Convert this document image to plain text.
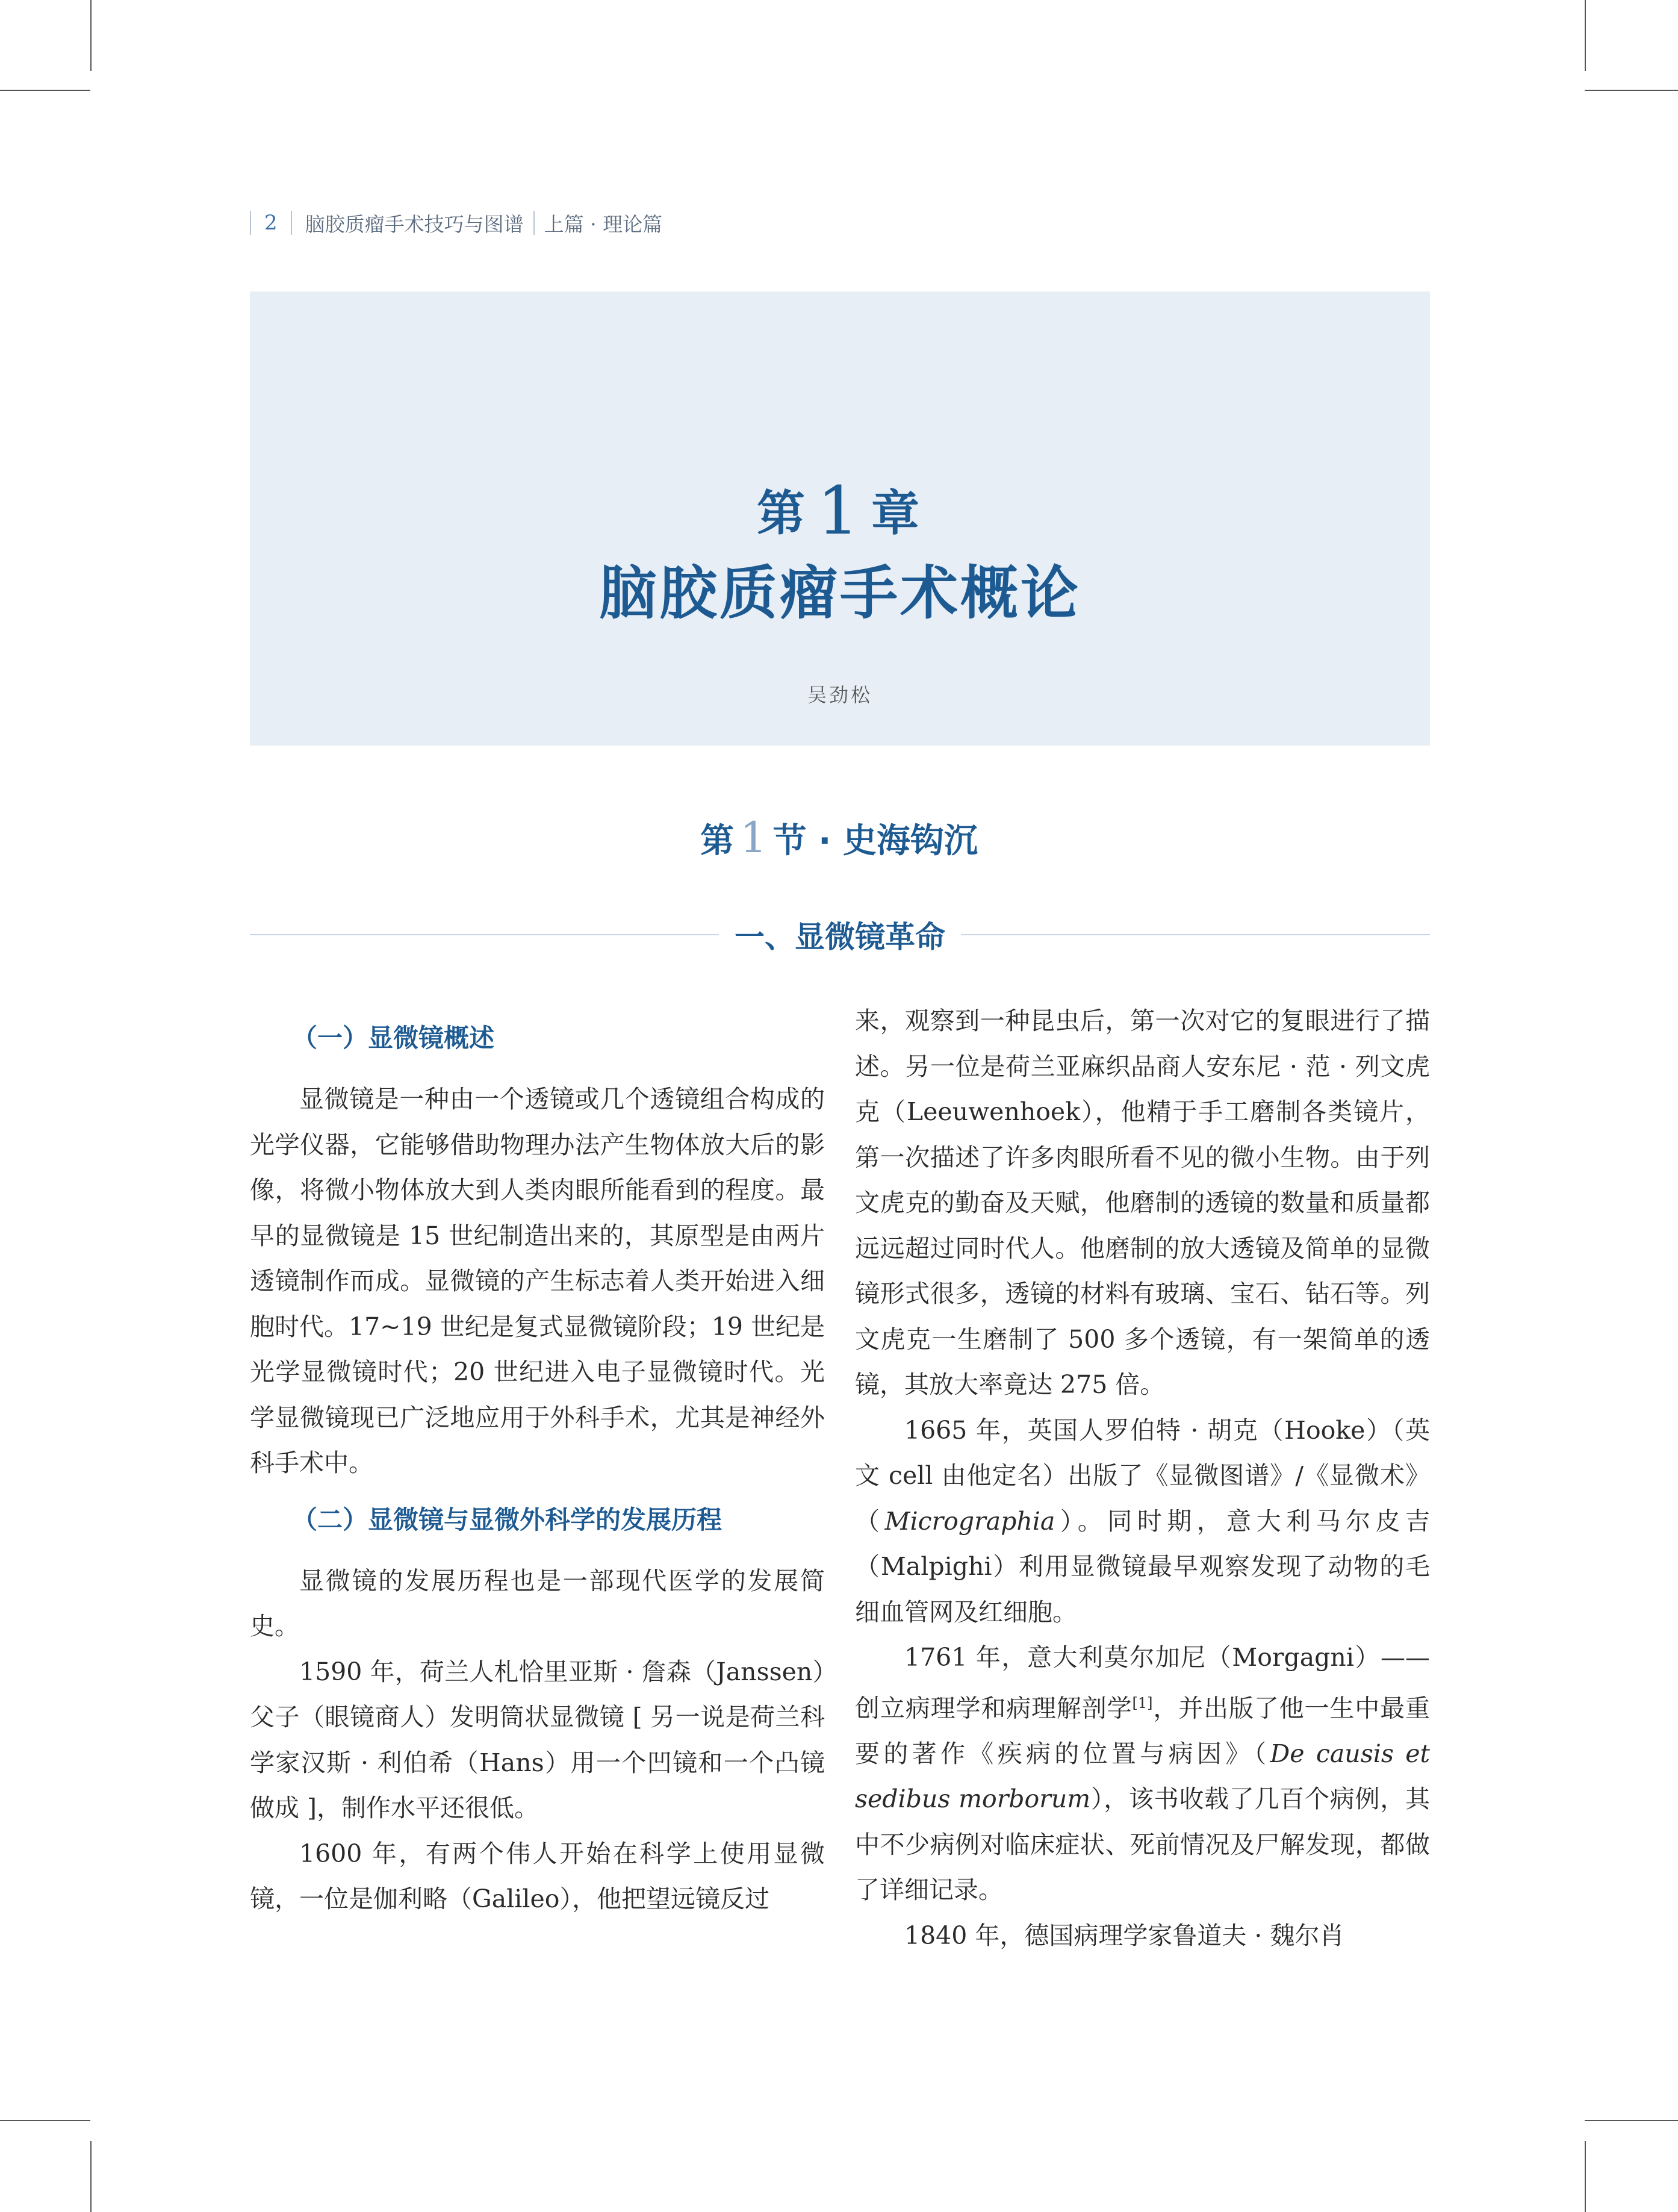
2 脑胶质瘤手术技巧与图谱 上篇 · 理论篇
第 1 章
脑胶质瘤手术概论
吴劲松
第 1 节 · 史海钩沉
一、显微镜革命

（一）显微镜概述

显微镜是一种由一个透镜或几个透镜组合构成的光学仪器，它能够借助物理办法产生物体放大后的影像，将微小物体放大到人类肉眼所能看到的程度。最早的显微镜是 15 世纪制造出来的，其原型是由两片透镜制作而成。显微镜的产生标志着人类开始进入细胞时代。17~19 世纪是复式显微镜阶段；19 世纪是光学显微镜时代；20 世纪进入电子显微镜时代。光学显微镜现已广泛地应用于外科手术，尤其是神经外科手术中。

（二）显微镜与显微外科学的发展历程

显微镜的发展历程也是一部现代医学的发展简史。

1590 年，荷兰人札恰里亚斯 · 詹森（Janssen）父子（眼镜商人）发明筒状显微镜 [ 另一说是荷兰科学家汉斯 · 利伯希（Hans）用一个凹镜和一个凸镜做成 ]，制作水平还很低。

1600 年，有两个伟人开始在科学上使用显微镜，一位是伽利略（Galileo），他把望远镜反过

来，观察到一种昆虫后，第一次对它的复眼进行了描述。另一位是荷兰亚麻织品商人安东尼 · 范 · 列文虎克（Leeuwenhoek），他精于手工磨制各类镜片，第一次描述了许多肉眼所看不见的微小生物。由于列文虎克的勤奋及天赋，他磨制的透镜的数量和质量都远远超过同时代人。他磨制的放大透镜及简单的显微镜形式很多，透镜的材料有玻璃、宝石、钻石等。列文虎克一生磨制了 500 多个透镜，有一架简单的透镜，其放大率竟达 275 倍。

1665 年，英国人罗伯特 · 胡克（Hooke）（英文 cell 由他定名）出版了《显微图谱》/《显微术》（Micrographia）。同时期，意大利马尔皮吉（Malpighi）利用显微镜最早观察发现了动物的毛细血管网及红细胞。

1761 年，意大利莫尔加尼（Morgagni）——创立病理学和病理解剖学[1]，并出版了他一生中最重要的著作《疾病的位置与病因》（De causis et sedibus morborum），该书收载了几百个病例，其中不少病例对临床症状、死前情况及尸解发现，都做了详细记录。

1840 年，德国病理学家鲁道夫 · 魏尔肖
